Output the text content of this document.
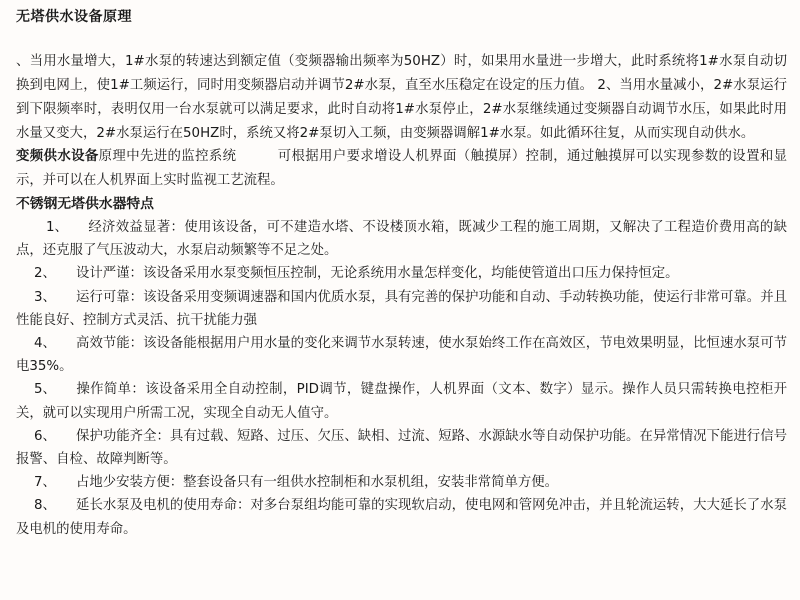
无塔供水设备原理

、当用水量增大，1#水泵的转速达到额定值（变频器输出频率为50HZ）时，如果用水量进一步增大，此时系统将1#水泵自动切换到电网上，使1#工频运行，同时用变频器启动并调节2#水泵，直至水压稳定在设定的压力值。 2、当用水量减小，2#水泵运行到下限频率时，表明仅用一台水泵就可以满足要求，此时自动将1#水泵停止，2#水泵继续通过变频器自动调节水压，如果此时用水量又变大，2#水泵运行在50HZ时，系统又将2#泵切入工频，由变频器调解1#水泵。如此循环往复，从而实现自动供水。

变频供水设备原理中先进的监控系统　　　可根据用户要求增设人机界面（触摸屏）控制，通过触摸屏可以实现参数的设置和显示，并可以在人机界面上实时监视工艺流程。

不锈钢无塔供水器特点

1、 经济效益显著：使用该设备，可不建造水塔、不设楼顶水箱，既减少工程的施工周期，又解决了工程造价费用高的缺点，还克服了气压波动大，水泵启动频繁等不足之处。

2、 设计严谨：该设备采用水泵变频恒压控制，无论系统用水量怎样变化，均能使管道出口压力保持恒定。

3、 运行可靠：该设备采用变频调速器和国内优质水泵，具有完善的保护功能和自动、手动转换功能，使运行非常可靠。并且性能良好、控制方式灵活、抗干扰能力强

4、 高效节能：该设备能根据用户用水量的变化来调节水泵转速，使水泵始终工作在高效区，节电效果明显，比恒速水泵可节电35%。

5、 操作简单：该设备采用全自动控制，PID调节，键盘操作，人机界面（文本、数字）显示。操作人员只需转换电控柜开关，就可以实现用户所需工况，实现全自动无人值守。

6、 保护功能齐全：具有过载、短路、过压、欠压、缺相、过流、短路、水源缺水等自动保护功能。在异常情况下能进行信号报警、自检、故障判断等。

7、 占地少安装方便：整套设备只有一组供水控制柜和水泵机组，安装非常简单方便。

8、 延长水泵及电机的使用寿命：对多台泵组均能可靠的实现软启动，使电网和管网免冲击，并且轮流运转，大大延长了水泵及电机的使用寿命。
